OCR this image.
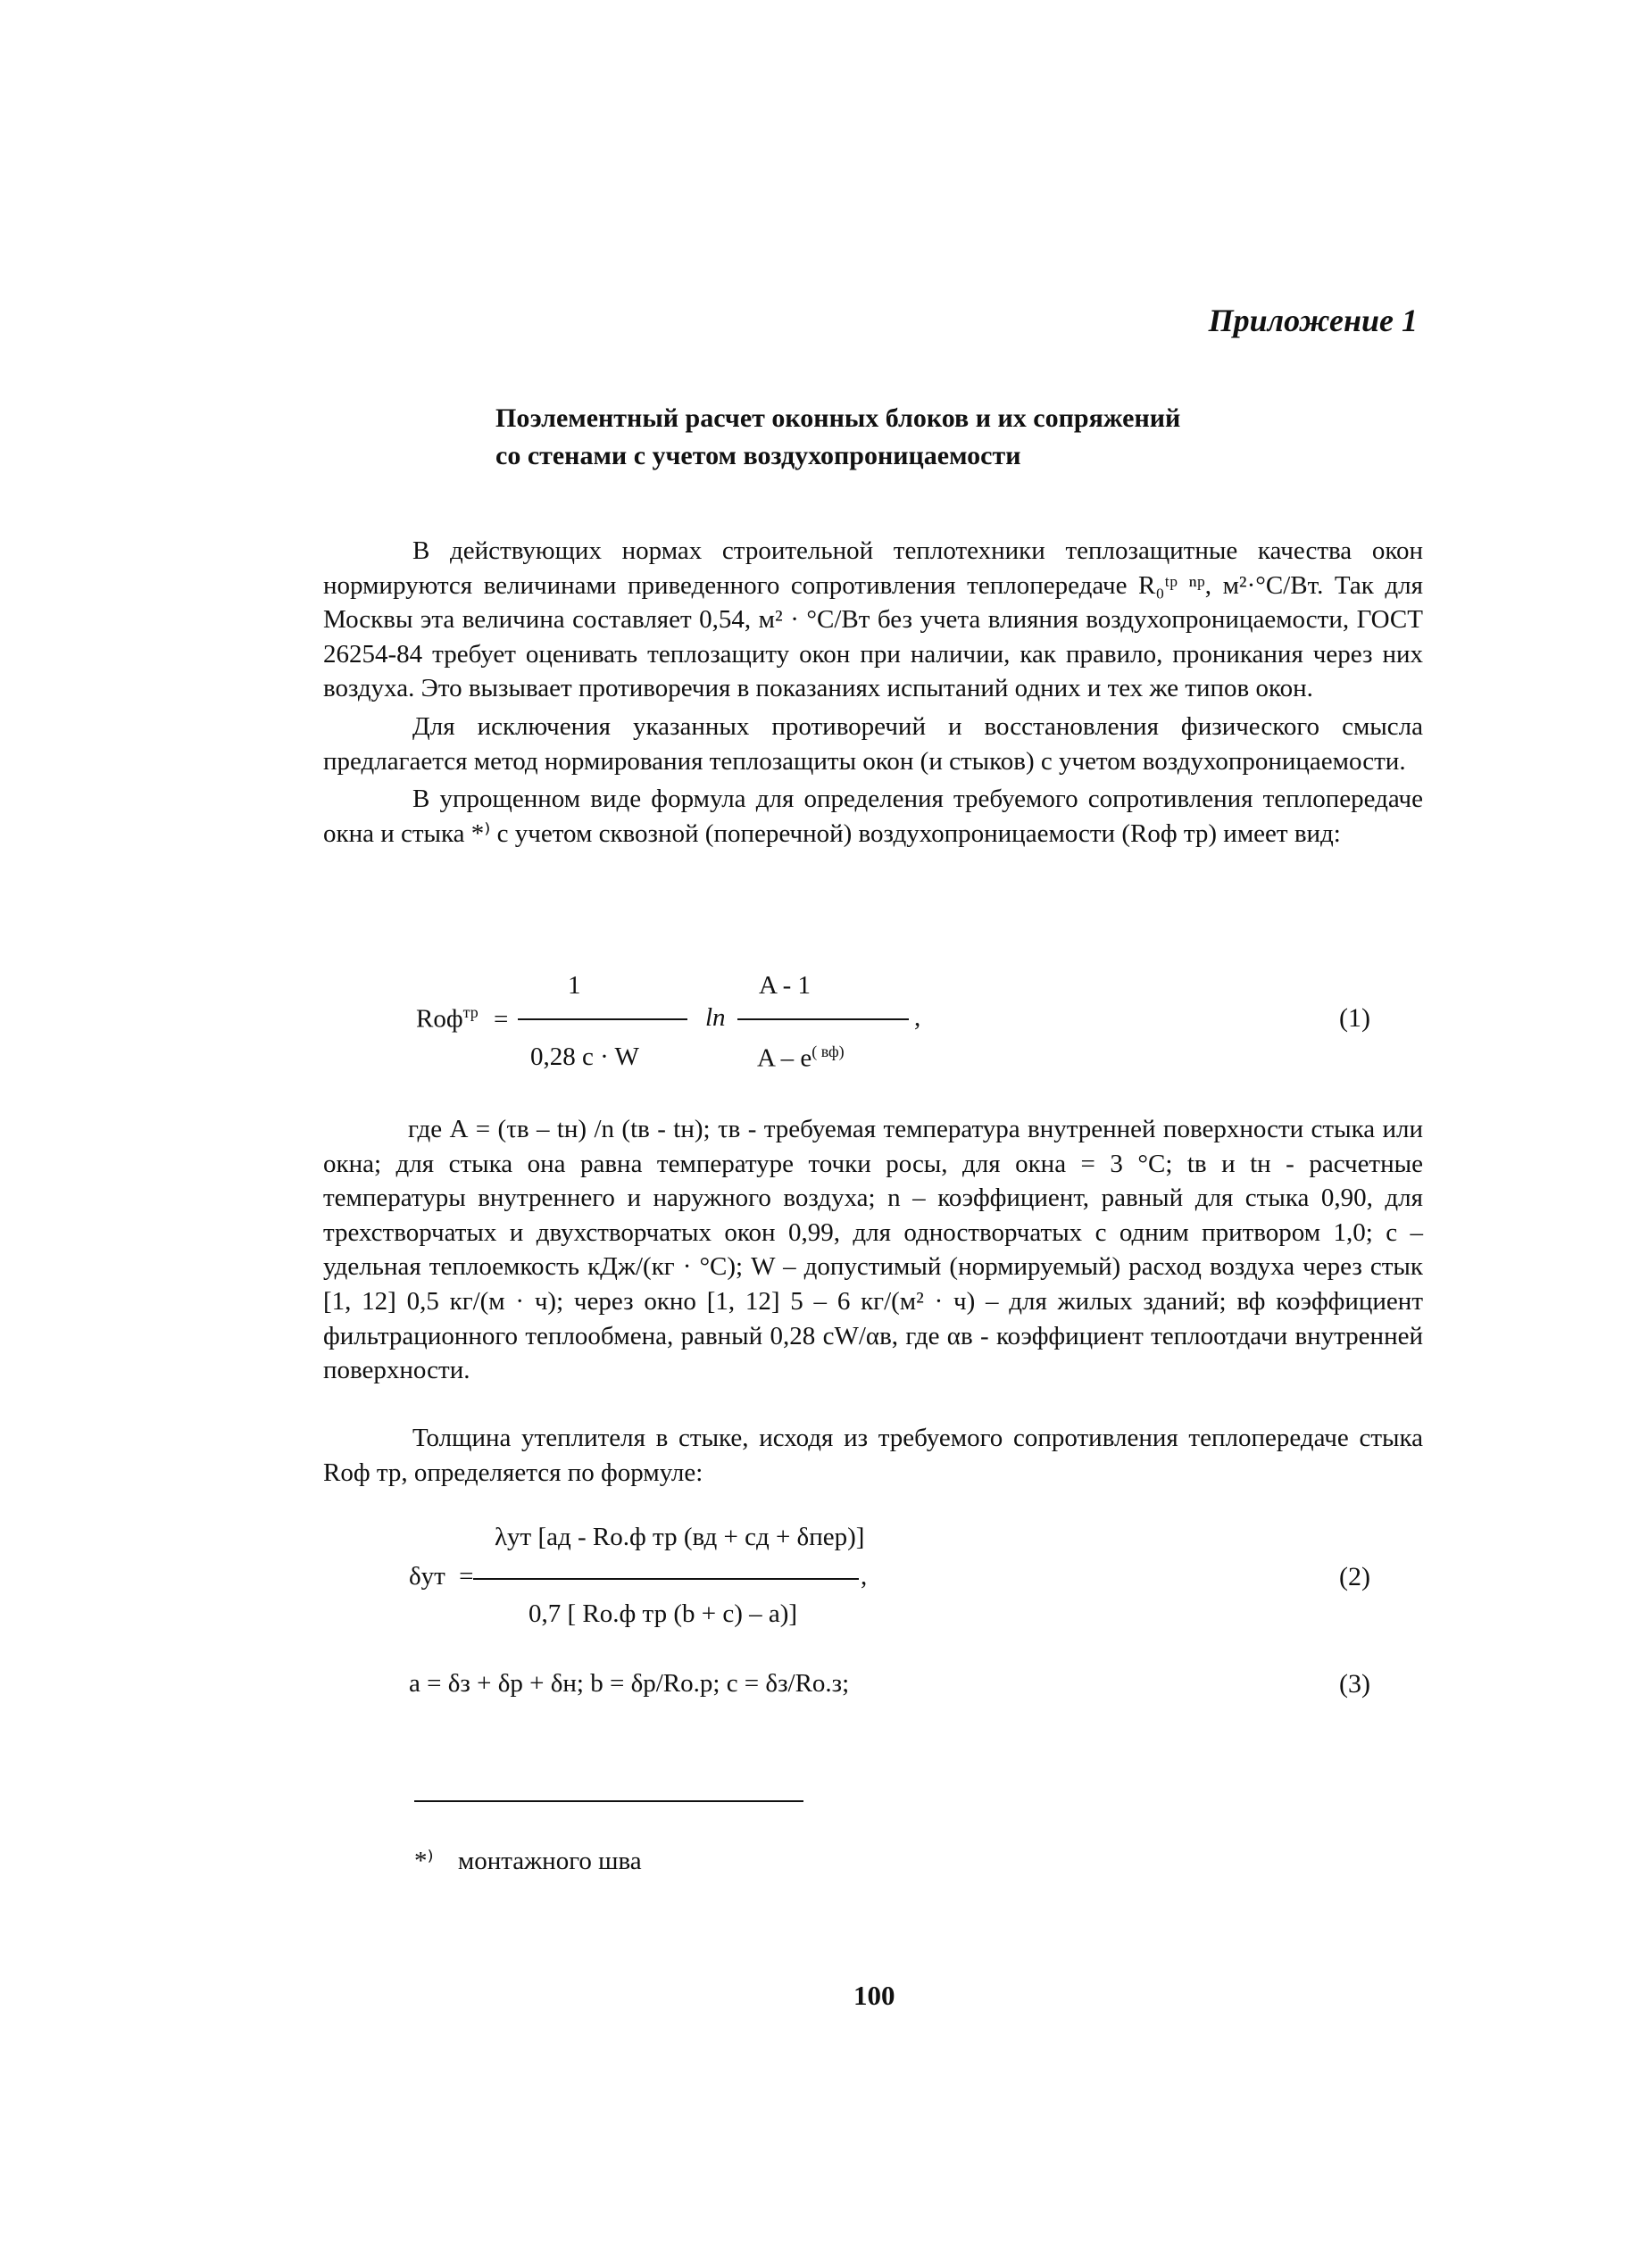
Приложение 1
Поэлементный расчет оконных блоков и их сопряжений
со стенами с учетом воздухопроницаемости

В действующих нормах строительной теплотехники теплозащитные качества окон нормируются величинами приведенного сопротивления теплопередаче R₀ᵗᵖ ⁿᵖ, м²·°С/Вт. Так для Москвы эта величина составляет 0,54, м² · °С/Вт без учета влияния воздухопроницаемости, ГОСТ 26254-84 требует оценивать теплозащиту окон при наличии, как правило, проникания через них воздуха. Это вызывает противоречия в показаниях испытаний одних и тех же типов окон.

Для исключения указанных противоречий и восстановления физического смысла предлагается метод нормирования теплозащиты окон (и стыков) с учетом воздухопроницаемости.

В упрощенном виде формула для определения требуемого сопротивления теплопередаче окна и стыка *⁾ с учетом сквозной (поперечной) воздухопроницаемости (Rоф тр) имеет вид:

Rоф$^{тр}$ =
1
0,28 c · W
ln
A - 1
A – $e^{( вф)}$
,	(1)

где А = (τв – tн) /n (tв - tн); τв - требуемая температура внутренней поверхности стыка или окна; для стыка она равна температуре точки росы, для окна = 3 °С; tв и tн - расчетные температуры внутреннего и наружного воздуха; n – коэффициент, равный для стыка 0,90, для трехстворчатых и двухстворчатых окон 0,99, для одностворчатых с одним притвором 1,0; с – удельная теплоемкость кДж/(кг · °С); W – допустимый (нормируемый) расход воздуха через стык [1, 12] 0,5 кг/(м · ч); через окно [1, 12] 5 – 6 кг/(м² · ч) – для жилых зданий; вф коэффициент фильтрационного теплообмена, равный 0,28 сW/αв, где αв - коэффициент теплоотдачи внутренней поверхности.

Толщина утеплителя в стыке, исходя из требуемого сопротивления теплопередаче стыка Rоф тр, определяется по формуле:

δут =
λут [ад - Rо.ф тр (вд + сд + δпер)]
0,7 [ Rо.ф тр (b + c) – a)]
,	(2)
a = δз + δр + δн; b = δр/Rо.р; c = δз/Rо.з;	(3)
*⁾ монтажного шва
100
